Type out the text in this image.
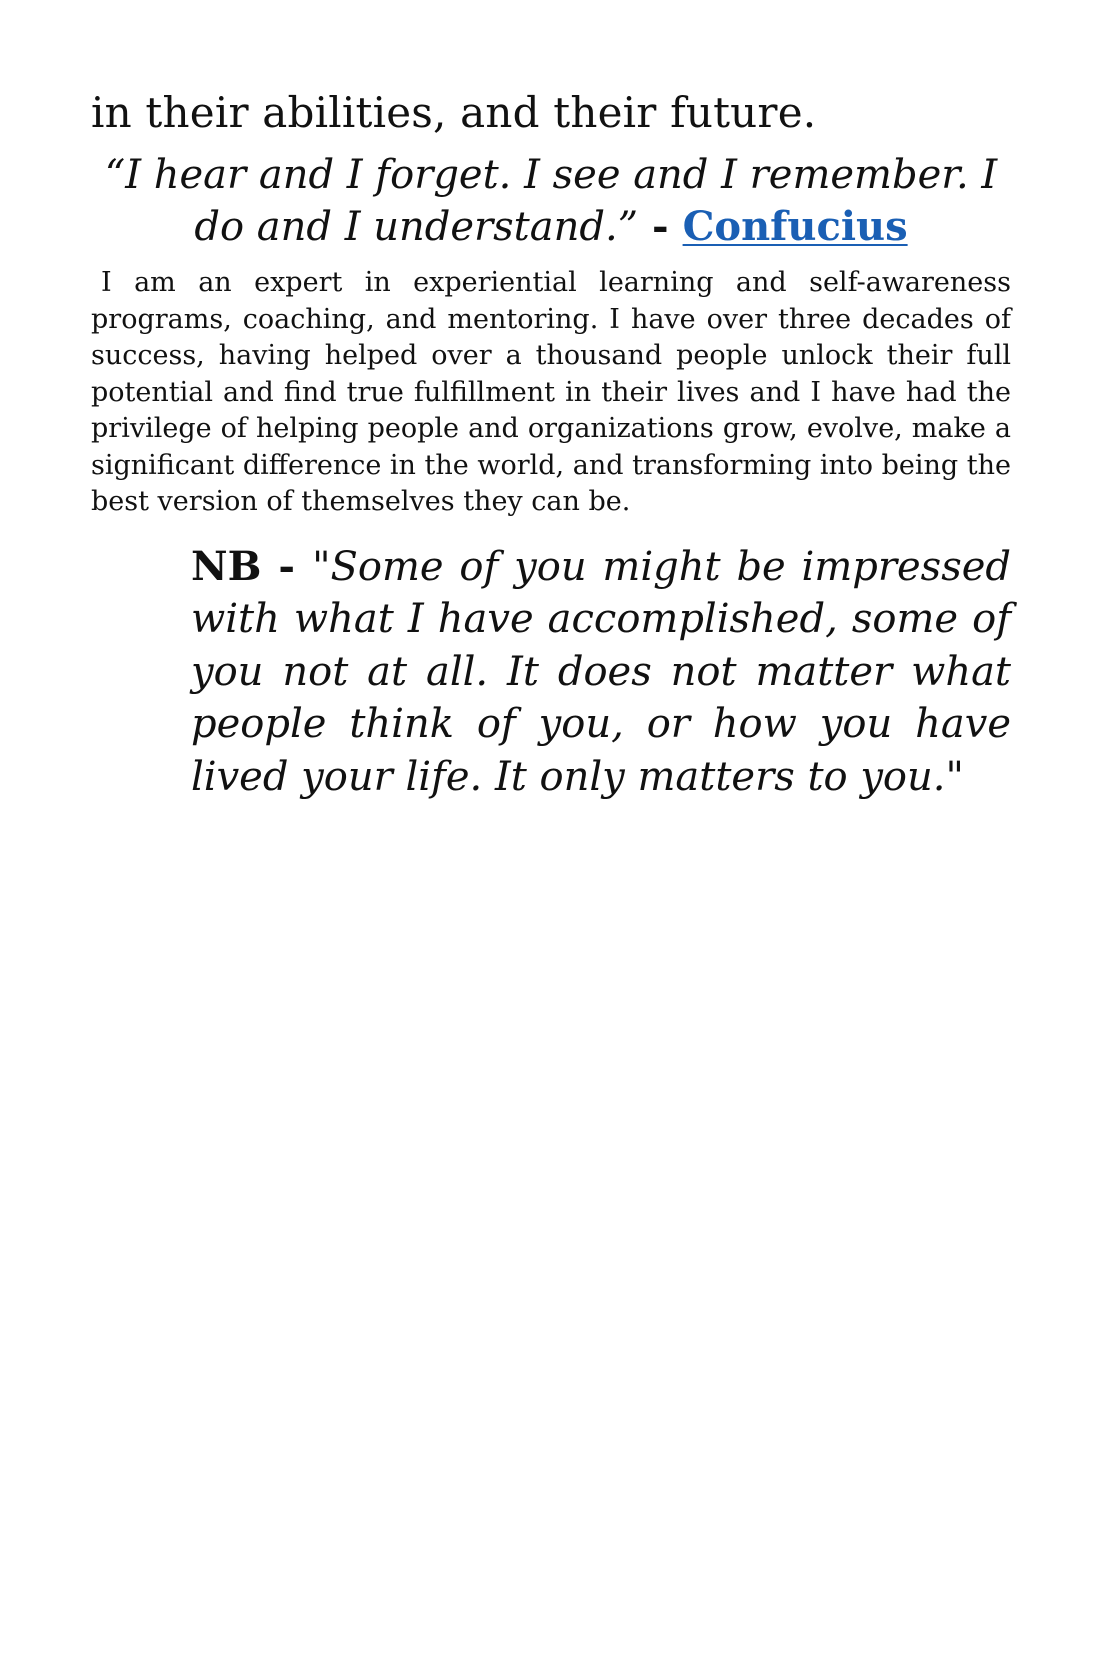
in their abilities, and their future.

“I hear and I forget. I see and I remember. I do and I understand.” - Confucius

I am an expert in experiential learning and self-awareness programs, coaching, and mentoring. I have over three decades of success, having helped over a thousand people unlock their full potential and find true fulfillment in their lives and I have had the privilege of helping people and organizations grow, evolve, make a significant difference in the world, and transforming into being the best version of themselves they can be.

NB - "Some of you might be impressed with what I have accomplished, some of you not at all. It does not matter what people think of you, or how you have lived your life. It only matters to you."
